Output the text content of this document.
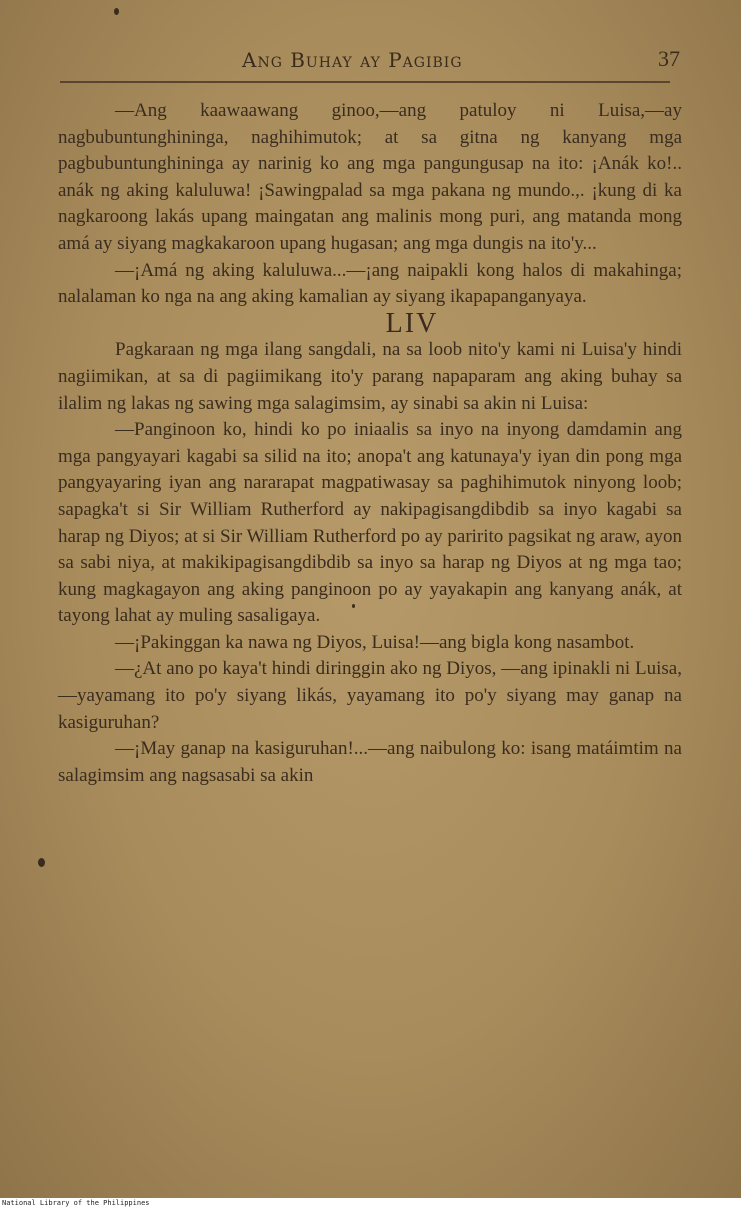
Ang Buhay ay Pagibig	37

—Ang kaawaawang ginoo,—ang patuloy ni Luisa,—ay nagbubuntunghininga, naghihimutok; at sa gitna ng kanyang mga pagbubuntunghininga ay narinig ko ang mga pangungusap na ito: ¡Anák ko!.. anák ng aking kaluluwa! ¡Sawingpalad sa mga pakana ng mundo.,. ¡kung di ka nagkaroong lakás upang maingatan ang malinis mong puri, ang matanda mong amá ay siyang magkakaroon upang hugasan; ang mga dungis na ito'y...

—¡Amá ng aking kaluluwa...—¡ang naipakli kong halos di makahinga; nalalaman ko nga na ang aking kamalian ay siyang ikapapanganyaya.

LIV

Pagkaraan ng mga ilang sangdali, na sa loob nito'y kami ni Luisa'y hindi nagiimikan, at sa di pagiimikang ito'y parang napaparam ang aking buhay sa ilalim ng lakas ng sawing mga salagimsim, ay sinabi sa akin ni Luisa:

—Panginoon ko, hindi ko po iniaalis sa inyo na inyong damdamin ang mga pangyayari kagabi sa silid na ito; anopa't ang katunaya'y iyan din pong mga pangyayaring iyan ang nararapat magpatiwasay sa paghihimutok ninyong loob; sapagka't si Sir William Rutherford ay nakipagisangdibdib sa inyo kagabi sa harap ng Diyos; at si Sir William Rutherford po ay paririto pagsikat ng araw, ayon sa sabi niya, at makikipagisangdibdib sa inyo sa harap ng Diyos at ng mga tao; kung magkagayon ang aking panginoon po ay yayakapin ang kanyang anák, at tayong lahat ay muling sasaligaya.

—¡Pakinggan ka nawa ng Diyos, Luisa!—ang bigla kong nasambot.

—¿At ano po kaya't hindi diringgin ako ng Diyos, —ang ipinakli ni Luisa,—yayamang ito po'y siyang likás, yayamang ito po'y siyang may ganap na kasiguruhan?

—¡May ganap na kasiguruhan!...—ang naibulong ko: isang matáimtim na salagimsim ang nagsasabi sa akin

National Library of the Philippines
